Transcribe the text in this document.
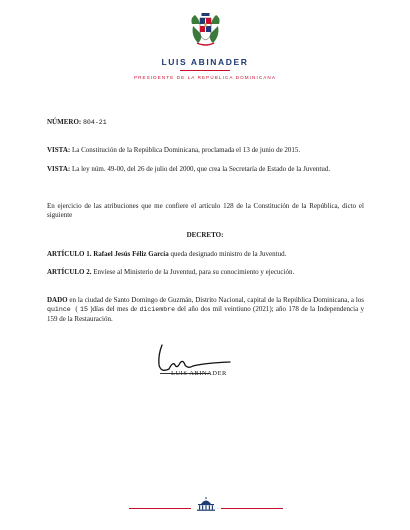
LUIS ABINADER
PRESIDENTE DE LA REPÚBLICA DOMINICANA
NÚMERO: 804-21
VISTA: La Constitución de la República Dominicana, proclamada el 13 de junio de 2015.
VISTA: La ley núm. 49-00, del 26 de julio del 2000, que crea la Secretaría de Estado de la Juventud.
En ejercicio de las atribuciones que me confiere el artículo 128 de la Constitución de la República, dicto el siguiente
DECRETO:
ARTÍCULO 1. Rafael Jesús Féliz García queda designado ministro de la Juventud.
ARTÍCULO 2. Envíese al Ministerio de la Juventud, para su conocimiento y ejecución.
DADO en la ciudad de Santo Domingo de Guzmán, Distrito Nacional, capital de la República Dominicana, a los quince  ( 15 )días del mes de diciembre del año dos mil veintiuno (2021); año 178 de la Independencia y 159 de la Restauración.
LUIS ABINADER
